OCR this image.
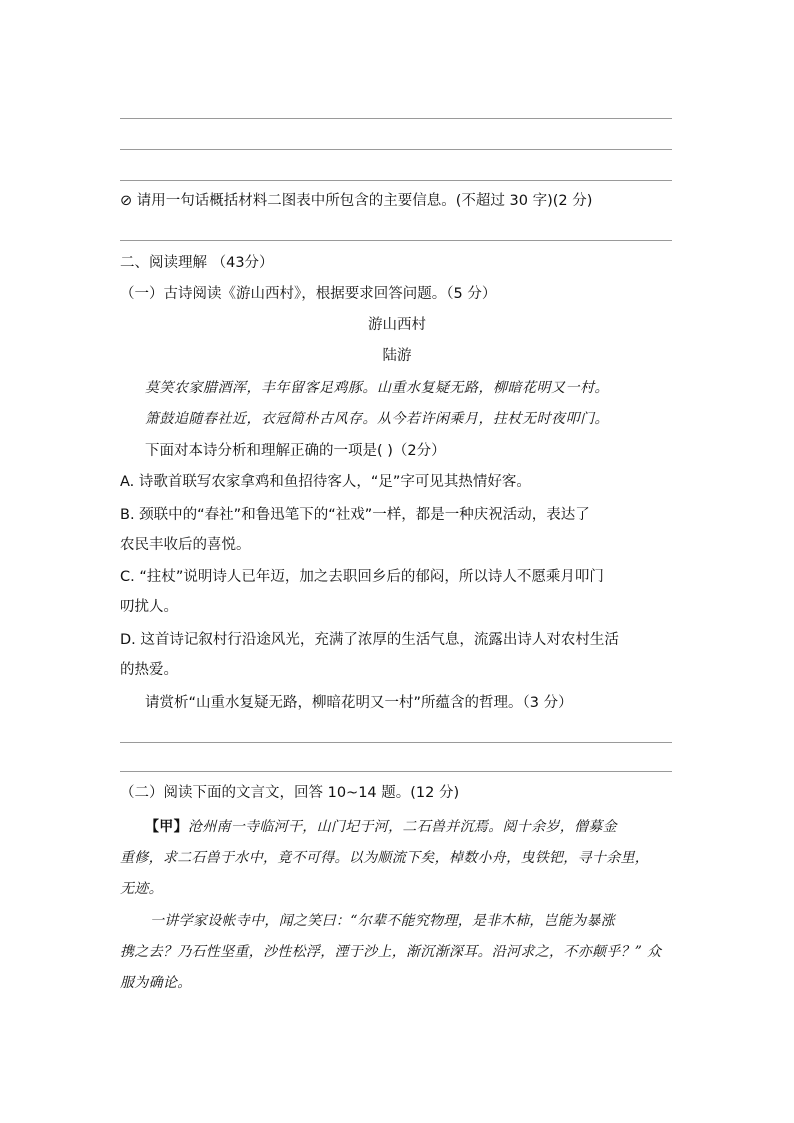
⊘ 请用一句话概括材料二图表中所包含的主要信息。(不超过 30 字)(2 分)
二、阅读理解 （43分）
（一）古诗阅读《游山西村》，根据要求回答问题。（5 分）
游山西村
陆游
莫笑农家腊酒浑，丰年留客足鸡豚。山重水复疑无路，柳暗花明又一村。
箫鼓追随春社近，衣冠简朴古风存。从今若许闲乘月，拄杖无时夜叩门。
下面对本诗分析和理解正确的一项是( )（2分）
A. 诗歌首联写农家拿鸡和鱼招待客人，“足”字可见其热情好客。
B. 颈联中的“春社”和鲁迅笔下的“社戏”一样，都是一种庆祝活动，表达了
农民丰收后的喜悦。
C. “拄杖”说明诗人已年迈，加之去职回乡后的郁闷，所以诗人不愿乘月叩门
叨扰人。
D. 这首诗记叙村行沿途风光，充满了浓厚的生活气息，流露出诗人对农村生活
的热爱。
请赏析“山重水复疑无路，柳暗花明又一村”所蕴含的哲理。（3 分）
（二）阅读下面的文言文，回答 10~14 题。(12 分)
【甲】沧州南一寺临河干，山门圮于河，二石兽并沉焉。阅十余岁，僧募金
重修，求二石兽于水中，竟不可得。以为顺流下矣，棹数小舟，曳铁钯，寻十余里，
无迹。
一讲学家设帐寺中，闻之笑曰：“尔辈不能究物理，是非木柿，岂能为暴涨
携之去？乃石性坚重，沙性松浮，湮于沙上，渐沉渐深耳。沿河求之，不亦颠乎？” 众
服为确论。
